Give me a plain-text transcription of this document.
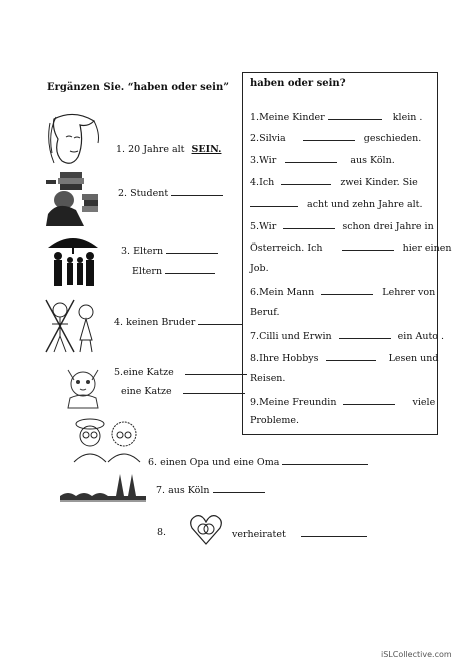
Ergänzen Sie. “haben oder sein”
1. 20 Jahre alt SEIN.
2. Student
3. Eltern
Eltern
4. keinen Bruder
5.eine Katze
eine Katze
6. einen Opa und eine Oma
7. aus Köln
8.	verheiratet
haben oder sein?
1.Meine Kinder	klein .
2.Silvia	geschieden.
3.Wir	aus Köln.
4.Ich	zwei Kinder. Sie
acht und zehn Jahre alt.
5.Wir	schon drei Jahre in
Österreich. Ich	hier einen
Job.
6.Mein Mann	Lehrer von
Beruf.
7.Cilli und Erwin	ein Auto .
8.Ihre Hobbys	Lesen und
Reisen.
9.Meine Freundin	viele
Probleme.
iSLCollective.com
